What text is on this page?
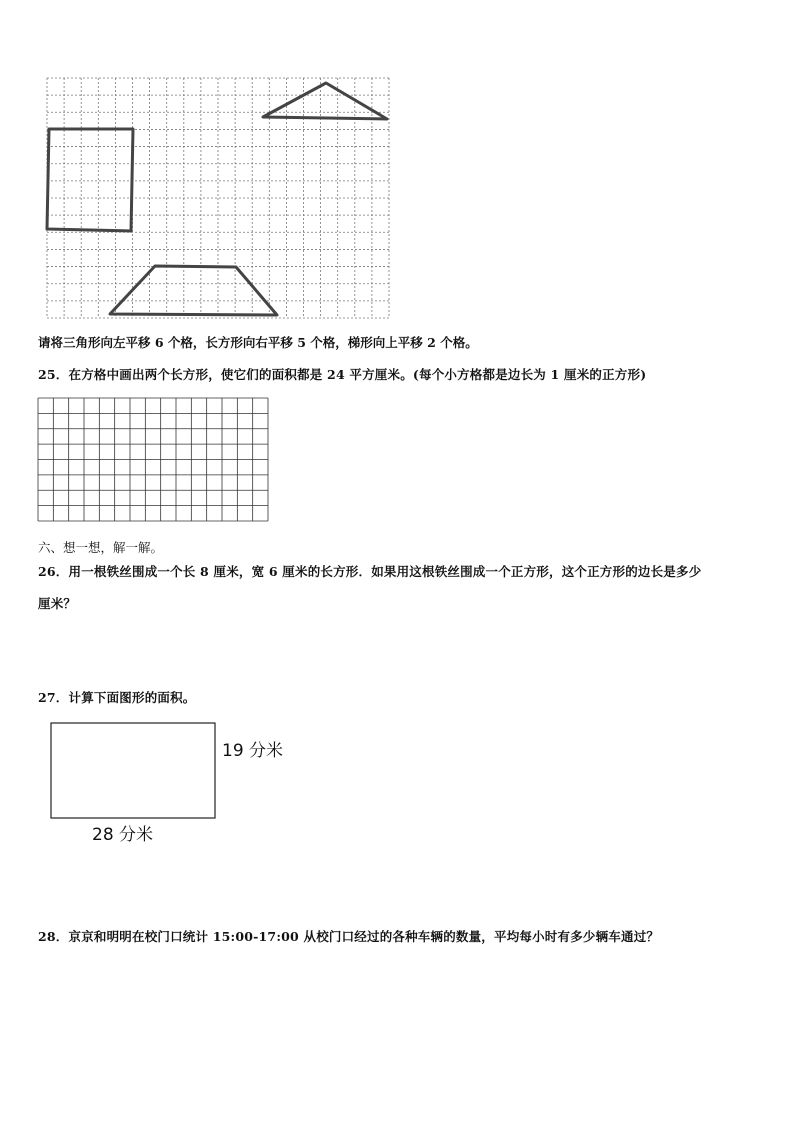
请将三角形向左平移 6 个格，长方形向右平移 5 个格，梯形向上平移 2 个格。
25．在方格中画出两个长方形，使它们的面积都是 24 平方厘米。(每个小方格都是边长为 1 厘米的正方形)
六、想一想，解一解。
26．用一根铁丝围成一个长 8 厘米，宽 6 厘米的长方形．如果用这根铁丝围成一个正方形，这个正方形的边长是多少
厘米？
27．计算下面图形的面积。
19 分米
28 分米
28．京京和明明在校门口统计 15:00-17:00 从校门口经过的各种车辆的数量，平均每小时有多少辆车通过？
